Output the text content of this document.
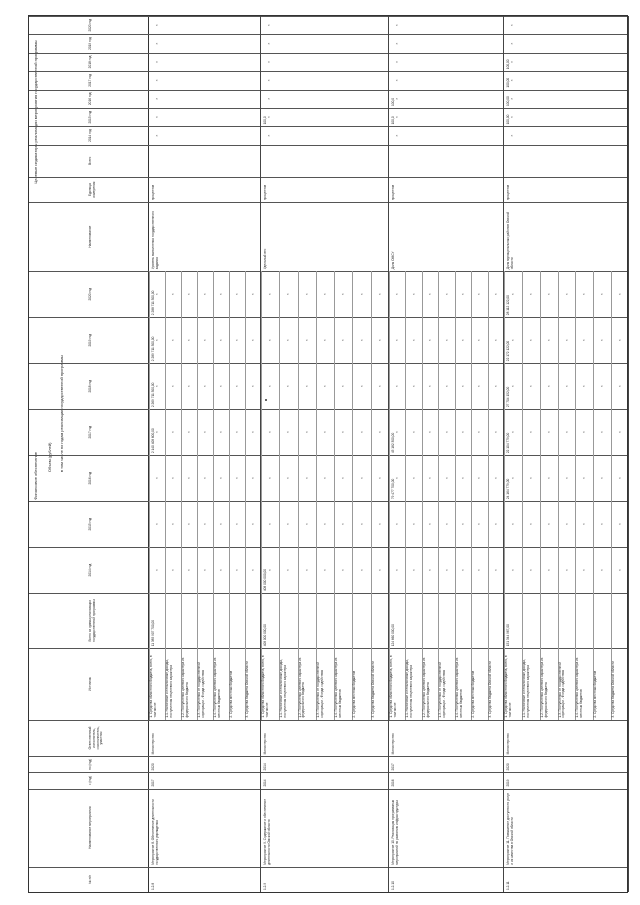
№ п/п
Наименование мероприятия
с (год)
по (год)
Ответственный исполнитель, соисполнитель, участник
Источник
Всего из суммы реализации государственной программы
2014 год
2015 год
2016 год
2017 год
2018 год
2019 год
2020 год
Наименование
Единица измерения
Всего
2014 год
2015 год
2016 год
2017 год
2018 год
2019 год
2020 год
Финансовое обеспечение Объем (рублей) в том числе по годам реализации государственной программы
Целевые индикаторы реализации мероприятия государственной программы
1.2.8
Мероприятие 8. Обеспечение деятельности государственного учреждения
2017
2020
Министерство
11 385 907 700,00
2 140 408 600,00
2 269 711 300,00
2 289 711 300,00
2 288 711 300,00
Уровень выполнения государственного задания
процентов
1. Средства областного бюджета, всего, в том числе
×
×
×
×
×
×
×
1.1. Налоговые и неналоговые доходы, поступления нецелевого характера
×
×
×
×
×
×
×
1.2. Поступления целевого характера из федерального бюджета
×
×
×
×
×
×
×
1.3. Поступления от государственной корпорации - Фонда содействия
×
×
×
×
×
×
×
1.4. Поступления целевого характера из местных бюджетов
×
×
×
×
×
×
×
2. Средства местных бюджетов
×
×
×
×
×
×
×
3. Средства бюджета Омской области
×
×
×
×
×
×
×
×
×
×
×
×
×
×
1.2.9
Мероприятие 9. Содержание и обеспечение деятельности Омской области
2014
2014
Министерство
408 000 000,00
408 000 000,00
Удельный вес
процентов
100,0
1. Средства областного бюджета, всего, в том числе
×
×
×
×
×
×
×
1.1. Налоговые и неналоговые доходы, поступления нецелевого характера
×
×
×
×
×
×
×
1.2. Поступления целевого характера из федерального бюджета
×
×
×
×
×
×
×
1.3. Поступления от государственной корпорации - Фонда содействия
×
×
×
×
×
×
×
1.4. Поступления целевого характера из местных бюджетов
×
×
×
×
×
×
×
2. Средства местных бюджетов
×
×
×
×
×
×
×
3. Средства бюджета Омской области
×
×
×
×
×
×
×
×
×
×
×
×
×
×
1.2.10
Мероприятие 10. Реализация программных мероприятий по развитию инфраструктуры
2016
2017
Министерство
124 660 000,00
79 477 700,00
45 182 300,00
Доля ОМСУ
процентов
100,0
100,0
1. Средства областного бюджета, всего, в том числе
×
×
×
×
×
×
×
1.1. Налоговые и неналоговые доходы, поступления нецелевого характера
×
×
×
×
×
×
×
1.2. Поступления целевого характера из федерального бюджета
×
×
×
×
×
×
×
1.3. Поступления от государственной корпорации - Фонда содействия
×
×
×
×
×
×
×
1.4. Поступления целевого характера из местных бюджетов
×
×
×
×
×
×
×
2. Средства местных бюджетов
×
×
×
×
×
×
×
3. Средства бюджета Омской области
×
×
×
×
×
×
×
×
×
×
×
×
×
×
1.2.11
Мероприятие 11. Повышение доступности услуг и их качества в Омской области
2019
2020
Министерство
151 344 967,00
24 164 779,00
22 104 779,00
27 704 152,00
22 172 122,00
28 112 122,00
Доля муниципальных районов Омской области
процентов
100,00
100,00
100,00
100,00
1. Средства областного бюджета, всего, в том числе
×
×
×
×
×
×
×
1.1. Налоговые и неналоговые доходы, поступления нецелевого характера
×
×
×
×
×
×
×
1.2. Поступления целевого характера из федерального бюджета
×
×
×
×
×
×
×
1.3. Поступления от государственной корпорации - Фонда содействия
×
×
×
×
×
×
×
1.4. Поступления целевого характера из местных бюджетов
×
×
×
×
×
×
×
2. Средства местных бюджетов
×
×
×
×
×
×
×
3. Средства бюджета Омской области
×
×
×
×
×
×
×
×
×
×
×
×
×
×
